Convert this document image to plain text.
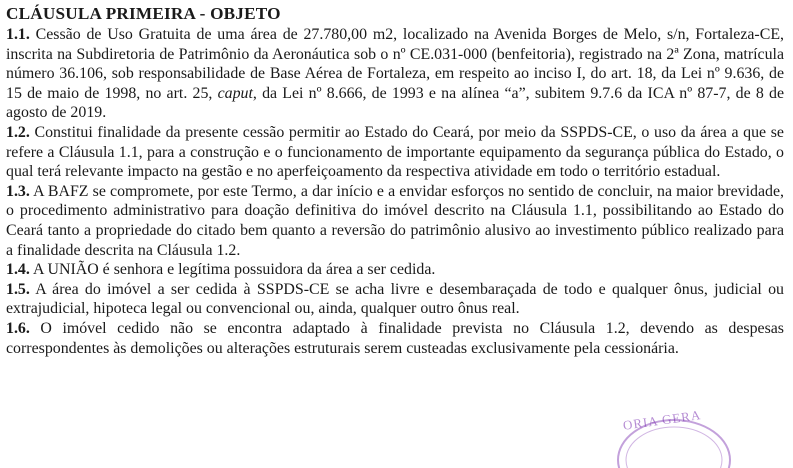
CLÁUSULA PRIMEIRA - OBJETO

1.1. Cessão de Uso Gratuita de uma área de 27.780,00 m2, localizado na Avenida Borges de Melo, s/n, Fortaleza-CE, inscrita na Subdiretoria de Patrimônio da Aeronáutica sob o nº CE.031-000 (benfeitoria), registrado na 2ª Zona, matrícula número 36.106, sob responsabilidade de Base Aérea de Fortaleza, em respeito ao inciso I, do art. 18, da Lei nº 9.636, de 15 de maio de 1998, no art. 25, caput, da Lei nº 8.666, de 1993 e na alínea “a”, subitem 9.7.6 da ICA nº 87-7, de 8 de agosto de 2019.

1.2. Constitui finalidade da presente cessão permitir ao Estado do Ceará, por meio da SSPDS-CE, o uso da área a que se refere a Cláusula 1.1, para a construção e o funcionamento de importante equipamento da segurança pública do Estado, o qual terá relevante impacto na gestão e no aperfeiçoamento da respectiva atividade em todo o território estadual.

1.3. A BAFZ se compromete, por este Termo, a dar início e a envidar esforços no sentido de concluir, na maior brevidade, o procedimento administrativo para doação definitiva do imóvel descrito na Cláusula 1.1, possibilitando ao Estado do Ceará tanto a propriedade do citado bem quanto a reversão do patrimônio alusivo ao investimento público realizado para a finalidade descrita na Cláusula 1.2.

1.4. A UNIÃO é senhora e legítima possuidora da área a ser cedida.

1.5. A área do imóvel a ser cedida à SSPDS-CE se acha livre e desembaraçada de todo e qualquer ônus, judicial ou extrajudicial, hipoteca legal ou convencional ou, ainda, qualquer outro ônus real.

1.6. O imóvel cedido não se encontra adaptado à finalidade prevista no Cláusula 1.2, devendo as despesas correspondentes às demolições ou alterações estruturais serem custeadas exclusivamente pela cessionária.

ORIA GERA
